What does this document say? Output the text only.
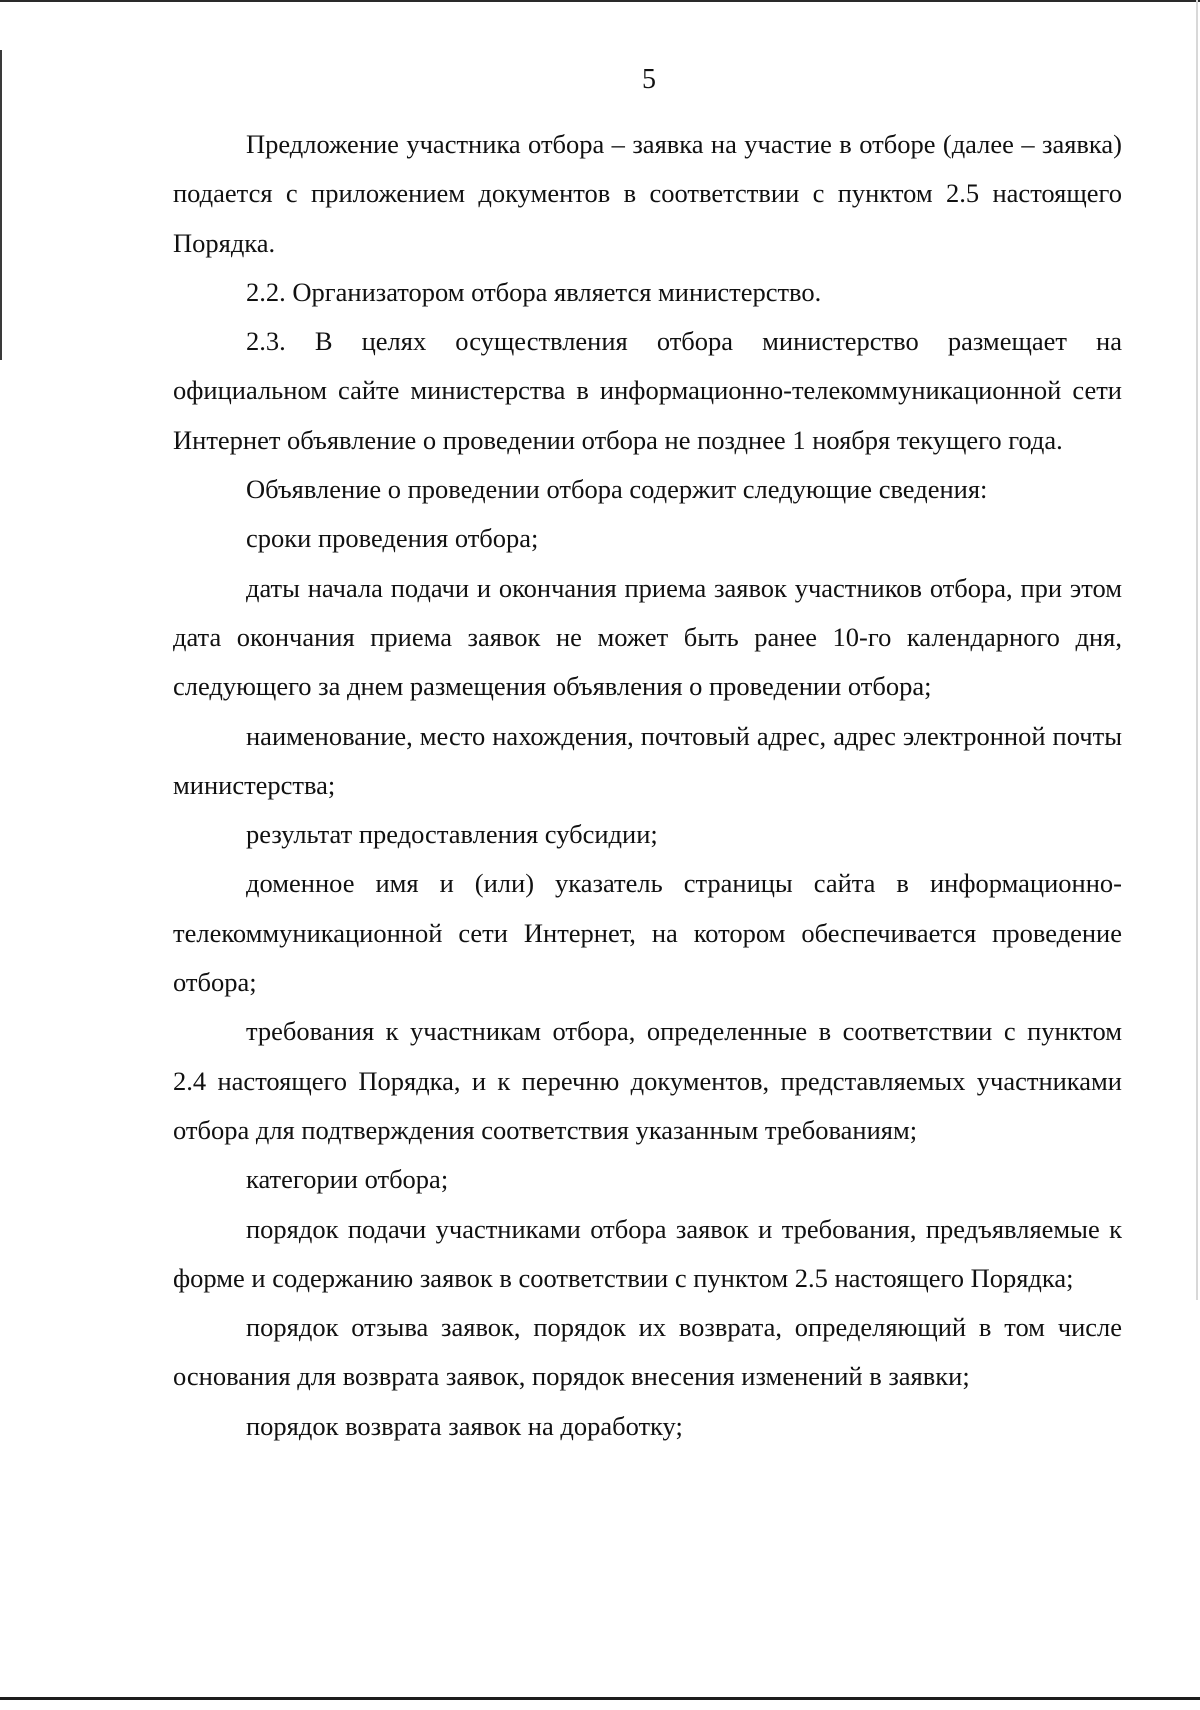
5

Предложение участника отбора – заявка на участие в отборе (далее – заявка) подается с приложением документов в соответствии с пунктом 2.5 настоящего Порядка.

2.2. Организатором отбора является министерство.

2.3. В целях осуществления отбора министерство размещает на официальном сайте министерства в информационно-телекоммуникационной сети Интернет объявление о проведении отбора не позднее 1 ноября текущего года.

Объявление о проведении отбора содержит следующие сведения:

сроки проведения отбора;

даты начала подачи и окончания приема заявок участников отбора, при этом дата окончания приема заявок не может быть ранее 10-го календарного дня, следующего за днем размещения объявления о проведении отбора;

наименование, место нахождения, почтовый адрес, адрес электронной почты министерства;

результат предоставления субсидии;

доменное имя и (или) указатель страницы сайта в информационно-телекоммуникационной сети Интернет, на котором обеспечивается проведение отбора;

требования к участникам отбора, определенные в соответствии с пунктом 2.4 настоящего Порядка, и к перечню документов, представляемых участниками отбора для подтверждения соответствия указанным требованиям;

категории отбора;

порядок подачи участниками отбора заявок и требования, предъявляемые к форме и содержанию заявок в соответствии с пунктом 2.5 настоящего Порядка;

порядок отзыва заявок, порядок их возврата, определяющий в том числе основания для возврата заявок, порядок внесения изменений в заявки;

порядок возврата заявок на доработку;
